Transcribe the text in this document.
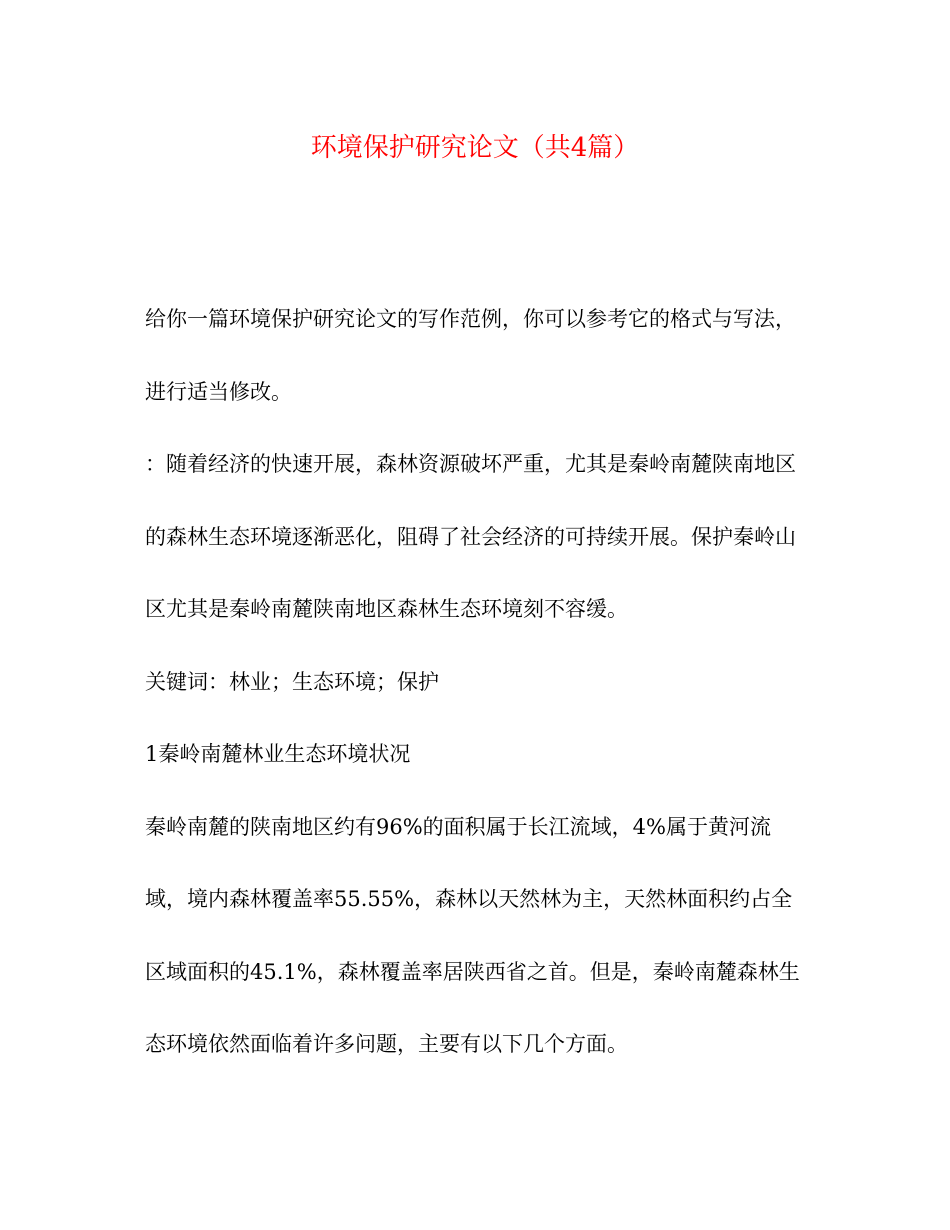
环境保护研究论文（共4篇）

给你一篇环境保护研究论文的写作范例，你可以参考它的格式与写法，进行适当修改。

：随着经济的快速开展，森林资源破坏严重，尤其是秦岭南麓陕南地区的森林生态环境逐渐恶化，阻碍了社会经济的可持续开展。保护秦岭山区尤其是秦岭南麓陕南地区森林生态环境刻不容缓。

关键词：林业；生态环境；保护

1秦岭南麓林业生态环境状况

秦岭南麓的陕南地区约有96%的面积属于长江流域，4%属于黄河流域，境内森林覆盖率55.55%，森林以天然林为主，天然林面积约占全区域面积的45.1%，森林覆盖率居陕西省之首。但是，秦岭南麓森林生态环境依然面临着许多问题，主要有以下几个方面。
